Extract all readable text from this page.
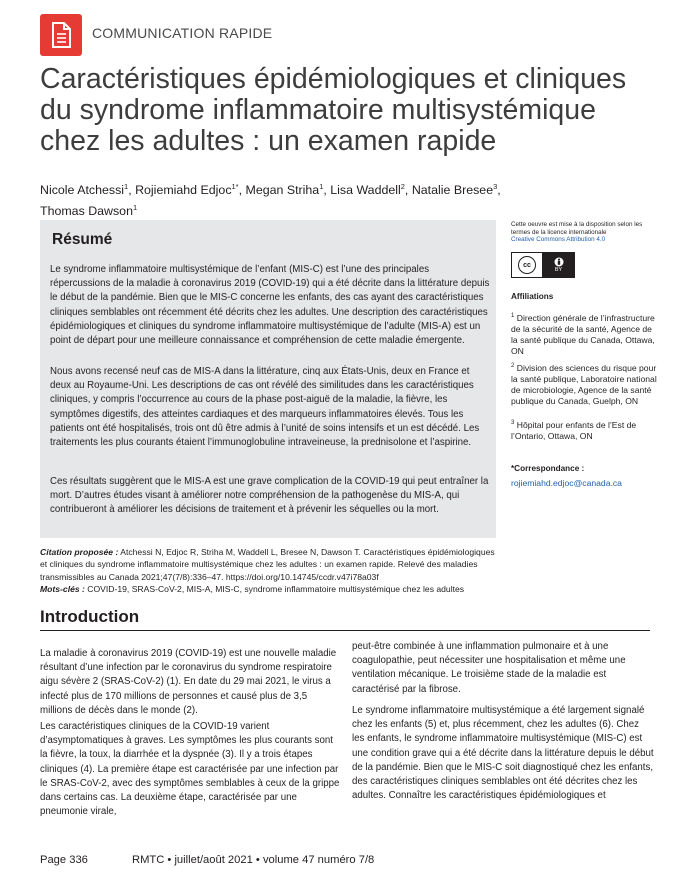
COMMUNICATION RAPIDE
Caractéristiques épidémiologiques et cliniques du syndrome inflammatoire multisystémique chez les adultes : un examen rapide
Nicole Atchessi$^1$, Rojiemiahd Edjoc$^{1*}$, Megan Striha$^1$, Lisa Waddell$^2$, Natalie Bresee$^3$,
Thomas Dawson$^1$
Résumé

Le syndrome inflammatoire multisystémique de l’enfant (MIS-C) est l’une des principales répercussions de la maladie à coronavirus 2019 (COVID-19) qui a été décrite dans la littérature depuis le début de la pandémie. Bien que le MIS-C concerne les enfants, des cas ayant des caractéristiques cliniques semblables ont récemment été décrits chez les adultes. Une description des caractéristiques épidémiologiques et cliniques du syndrome inflammatoire multisystémique de l’adulte (MIS-A) est un point de départ pour une meilleure connaissance et compréhension de cette maladie émergente.

Nous avons recensé neuf cas de MIS-A dans la littérature, cinq aux États-Unis, deux en France et deux au Royaume-Uni. Les descriptions de cas ont révélé des similitudes dans les caractéristiques cliniques, y compris l’occurrence au cours de la phase post-aiguë de la maladie, la fièvre, les symptômes digestifs, des atteintes cardiaques et des marqueurs inflammatoires élevés. Tous les patients ont été hospitalisés, trois ont dû être admis à l’unité de soins intensifs et un est décédé. Les traitements les plus courants étaient l’immunoglobuline intraveineuse, la prednisolone et l’aspirine.

Ces résultats suggèrent que le MIS-A est une grave complication de la COVID-19 qui peut entraîner la mort. D’autres études visant à améliorer notre compréhension de la pathogenèse du MIS-A, qui contribueront à améliorer les décisions de traitement et à prévenir les séquelles ou la mort.

Citation proposée : Atchessi N, Edjoc R, Striha M, Waddell L, Bresee N, Dawson T. Caractéristiques épidémiologiques et cliniques du syndrome inflammatoire multisystémique chez les adultes : un examen rapide. Relevé des maladies transmissibles au Canada 2021;47(7/8):336–47. https://doi.org/10.14745/ccdr.v47i78a03f
Mots-clés : COVID-19, SRAS-CoV-2, MIS-A, MIS-C, syndrome inflammatoire multisystémique chez les adultes
Introduction

La maladie à coronavirus 2019 (COVID-19) est une nouvelle maladie résultant d’une infection par le coronavirus du syndrome respiratoire aigu sévère 2 (SRAS-CoV-2) (1). En date du 29 mai 2021, le virus a infecté plus de 170 millions de personnes et causé plus de 3,5 millions de décès dans le monde (2).

Les caractéristiques cliniques de la COVID-19 varient d’asymptomatiques à graves. Les symptômes les plus courants sont la fièvre, la toux, la diarrhée et la dyspnée (3). Il y a trois étapes cliniques (4). La première étape est caractérisée par une infection par le SRAS-CoV-2, avec des symptômes semblables à ceux de la grippe dans certains cas. La deuxième étape, caractérisée par une pneumonie virale,

peut-être combinée à une inflammation pulmonaire et à une coagulopathie, peut nécessiter une hospitalisation et même une ventilation mécanique. Le troisième stade de la maladie est caractérisé par la fibrose.

Le syndrome inflammatoire multisystémique a été largement signalé chez les enfants (5) et, plus récemment, chez les adultes (6). Chez les enfants, le syndrome inflammatoire multisystémique (MIS-C) est une condition grave qui a été décrite dans la littérature depuis le début de la pandémie. Bien que le MIS-C soit diagnostiqué chez les enfants, des caractéristiques cliniques semblables ont été décrites chez les adultes. Connaître les caractéristiques épidémiologiques et

Cette oeuvre est mise à la disposition selon les termes de la licence internationale
Creative Commons Attribution 4.0
cc
BY
Affiliations

$^1$ Direction générale de l’infrastructure de la sécurité de la santé, Agence de la santé publique du Canada, Ottawa, ON

$^2$ Division des sciences du risque pour la santé publique, Laboratoire national de microbiologie, Agence de la santé publique du Canada, Guelph, ON

$^3$ Hôpital pour enfants de l’Est de l’Ontario, Ottawa, ON

*Correspondance :
rojiemiahd.edjoc@canada.ca
Page 336	RMTC • juillet/août 2021 • volume 47 numéro 7/8
